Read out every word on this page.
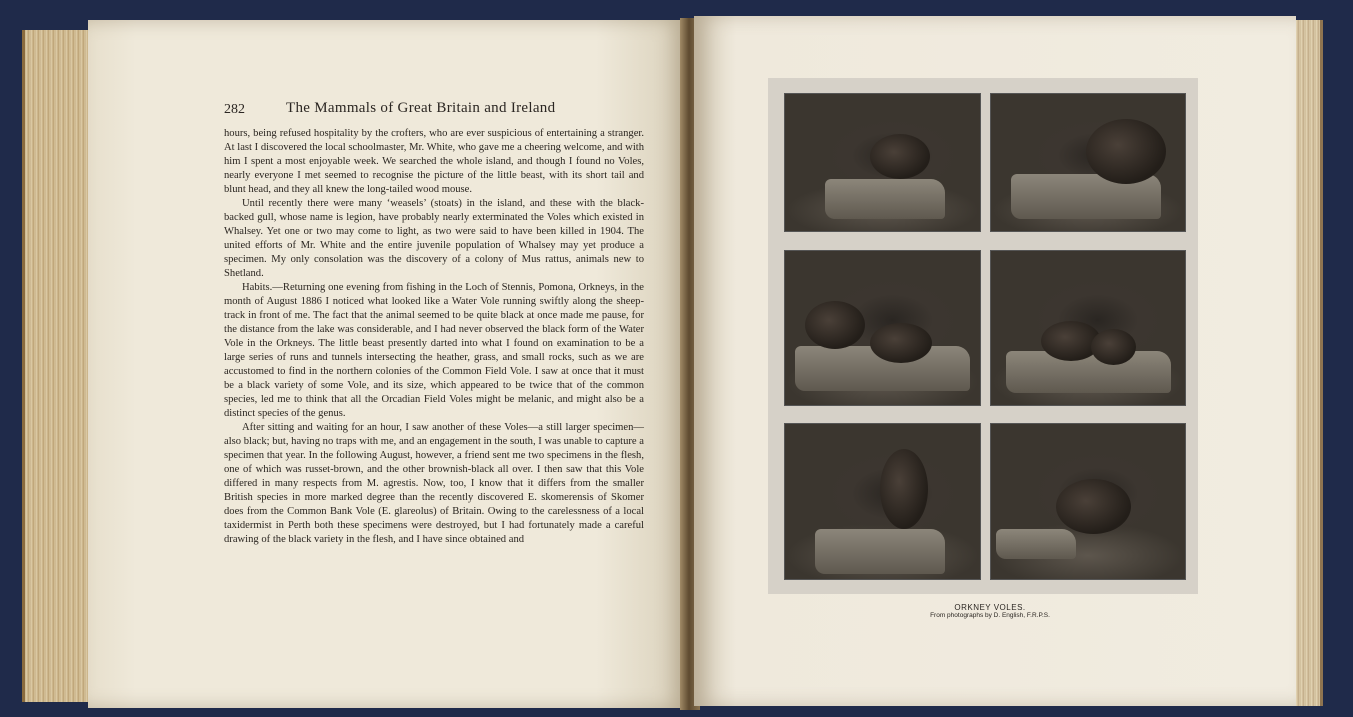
282	The Mammals of Great Britain and Ireland

hours, being refused hospitality by the crofters, who are ever suspicious of entertaining a stranger. At last I discovered the local schoolmaster, Mr. White, who gave me a cheering welcome, and with him I spent a most enjoyable week. We searched the whole island, and though I found no Voles, nearly everyone I met seemed to recognise the picture of the little beast, with its short tail and blunt head, and they all knew the long-tailed wood mouse.

Until recently there were many ‘weasels’ (stoats) in the island, and these with the black-backed gull, whose name is legion, have probably nearly exterminated the Voles which existed in Whalsey. Yet one or two may come to light, as two were said to have been killed in 1904. The united efforts of Mr. White and the entire juvenile population of Whalsey may yet produce a specimen. My only consolation was the discovery of a colony of Mus rattus, animals new to Shetland.

Habits.—Returning one evening from fishing in the Loch of Stennis, Pomona, Orkneys, in the month of August 1886 I noticed what looked like a Water Vole running swiftly along the sheep-track in front of me. The fact that the animal seemed to be quite black at once made me pause, for the distance from the lake was considerable, and I had never observed the black form of the Water Vole in the Orkneys. The little beast presently darted into what I found on examination to be a large series of runs and tunnels intersecting the heather, grass, and small rocks, such as we are accustomed to find in the northern colonies of the Common Field Vole. I saw at once that it must be a black variety of some Vole, and its size, which appeared to be twice that of the common species, led me to think that all the Orcadian Field Voles might be melanic, and might also be a distinct species of the genus.

After sitting and waiting for an hour, I saw another of these Voles—a still larger specimen—also black; but, having no traps with me, and an engagement in the south, I was unable to capture a specimen that year. In the following August, however, a friend sent me two specimens in the flesh, one of which was russet-brown, and the other brownish-black all over. I then saw that this Vole differed in many respects from M. agrestis. Now, too, I know that it differs from the smaller British species in more marked degree than the recently discovered E. skomerensis of Skomer does from the Common Bank Vole (E. glareolus) of Britain. Owing to the carelessness of a local taxidermist in Perth both these specimens were destroyed, but I had fortunately made a careful drawing of the black variety in the flesh, and I have since obtained and

ORKNEY VOLES.
From photographs by D. English, F.R.P.S.
